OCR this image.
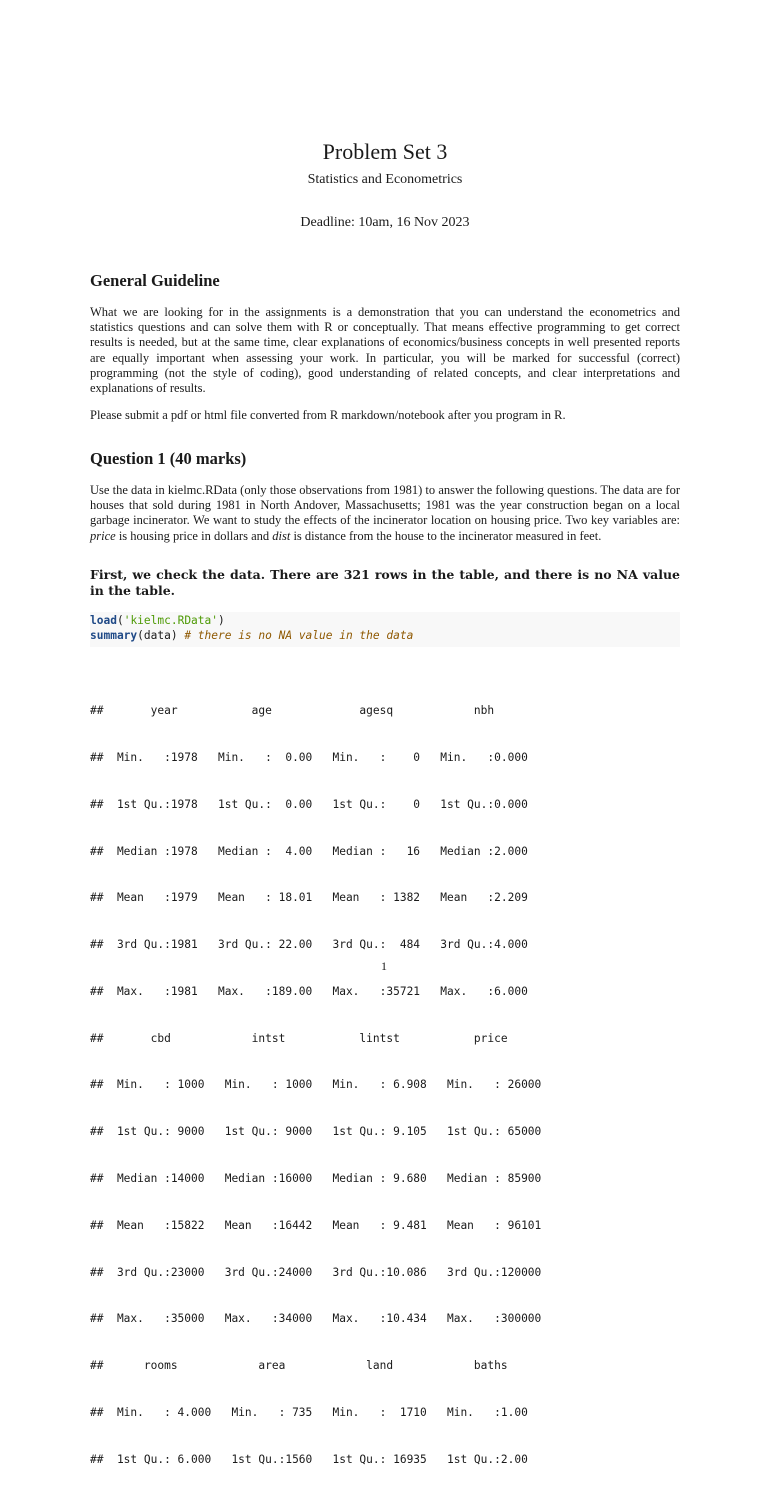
Problem Set 3
Statistics and Econometrics
Deadline: 10am, 16 Nov 2023
General Guideline
What we are looking for in the assignments is a demonstration that you can understand the econometrics and statistics questions and can solve them with R or conceptually. That means effective programming to get correct results is needed, but at the same time, clear explanations of economics/business concepts in well presented reports are equally important when assessing your work. In particular, you will be marked for successful (correct) programming (not the style of coding), good understanding of related concepts, and clear interpretations and explanations of results.
Please submit a pdf or html file converted from R markdown/notebook after you program in R.
Question 1 (40 marks)
Use the data in kielmc.RData (only those observations from 1981) to answer the following questions. The data are for houses that sold during 1981 in North Andover, Massachusetts; 1981 was the year construction began on a local garbage incinerator. We want to study the effects of the incinerator location on housing price. Two key variables are: price is housing price in dollars and dist is distance from the house to the incinerator measured in feet.
First, we check the data. There are 321 rows in the table, and there is no NA value in the table.
load('kielmc.RData')
summary(data) # there is no NA value in the data

##       year           age             agesq            nbh

##  Min.   :1978   Min.   :  0.00   Min.   :    0   Min.   :0.000

##  1st Qu.:1978   1st Qu.:  0.00   1st Qu.:    0   1st Qu.:0.000

##  Median :1978   Median :  4.00   Median :   16   Median :2.000

##  Mean   :1979   Mean   : 18.01   Mean   : 1382   Mean   :2.209

##  3rd Qu.:1981   3rd Qu.: 22.00   3rd Qu.:  484   3rd Qu.:4.000

##  Max.   :1981   Max.   :189.00   Max.   :35721   Max.   :6.000

##       cbd            intst           lintst           price

##  Min.   : 1000   Min.   : 1000   Min.   : 6.908   Min.   : 26000

##  1st Qu.: 9000   1st Qu.: 9000   1st Qu.: 9.105   1st Qu.: 65000

##  Median :14000   Median :16000   Median : 9.680   Median : 85900

##  Mean   :15822   Mean   :16442   Mean   : 9.481   Mean   : 96101

##  3rd Qu.:23000   3rd Qu.:24000   3rd Qu.:10.086   3rd Qu.:120000

##  Max.   :35000   Max.   :34000   Max.   :10.434   Max.   :300000

##      rooms            area            land            baths

##  Min.   : 4.000   Min.   : 735   Min.   :  1710   Min.   :1.00

##  1st Qu.: 6.000   1st Qu.:1560   1st Qu.: 16935   1st Qu.:2.00

1
